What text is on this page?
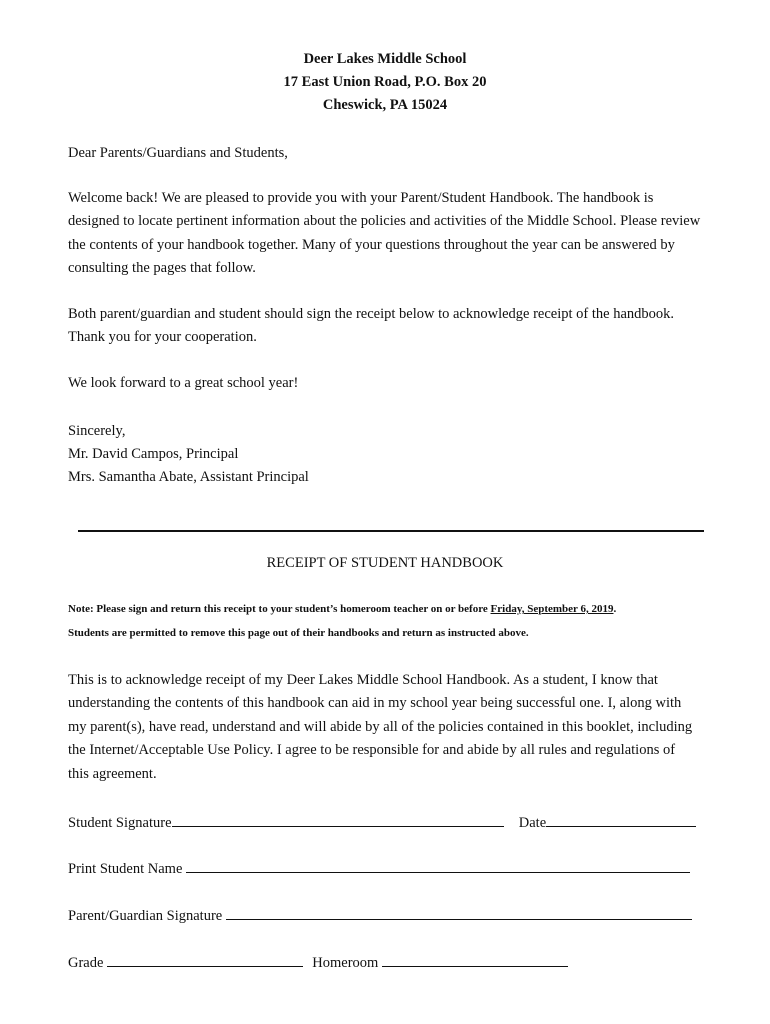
Deer Lakes Middle School
17 East Union Road, P.O. Box 20
Cheswick, PA 15024
Dear Parents/Guardians and Students,

Welcome back! We are pleased to provide you with your Parent/Student Handbook. The handbook is designed to locate pertinent information about the policies and activities of the Middle School. Please review the contents of your handbook together. Many of your questions throughout the year can be answered by consulting the pages that follow.

Both parent/guardian and student should sign the receipt below to acknowledge receipt of the handbook. Thank you for your cooperation.

We look forward to a great school year!
Sincerely,
Mr. David Campos, Principal
Mrs. Samantha Abate, Assistant Principal
RECEIPT OF STUDENT HANDBOOK
Note: Please sign and return this receipt to your student’s homeroom teacher on or before Friday, September 6, 2019.
Students are permitted to remove this page out of their handbooks and return as instructed above.

This is to acknowledge receipt of my Deer Lakes Middle School Handbook. As a student, I know that understanding the contents of this handbook can aid in my school year being successful one. I, along with my parent(s), have read, understand and will abide by all of the policies contained in this booklet, including the Internet/Acceptable Use Policy. I agree to be responsible for and abide by all rules and regulations of this agreement.

Student Signature	Date
Print Student Name
Parent/Guardian Signature
Grade	Homeroom
